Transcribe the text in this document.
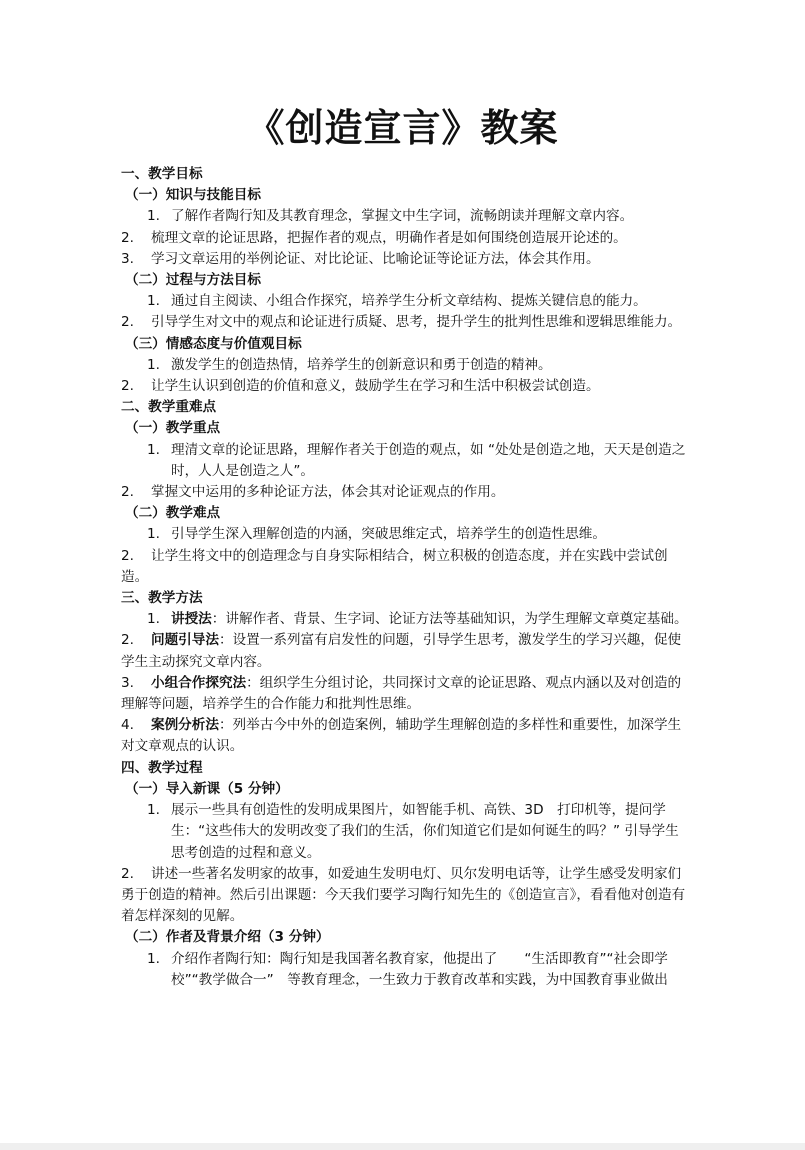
《创造宣言》教案

一、教学目标

（一）知识与技能目标

1. 了解作者陶行知及其教育理念，掌握文中生字词，流畅朗读并理解文章内容。

2. 梳理文章的论证思路，把握作者的观点，明确作者是如何围绕创造展开论述的。

3. 学习文章运用的举例论证、对比论证、比喻论证等论证方法，体会其作用。

（二）过程与方法目标

1. 通过自主阅读、小组合作探究，培养学生分析文章结构、提炼关键信息的能力。

2. 引导学生对文中的观点和论证进行质疑、思考，提升学生的批判性思维和逻辑思维能力。

（三）情感态度与价值观目标

1. 激发学生的创造热情，培养学生的创新意识和勇于创造的精神。

2. 让学生认识到创造的价值和意义，鼓励学生在学习和生活中积极尝试创造。

二、教学重难点

（一）教学重点

1. 理清文章的论证思路，理解作者关于创造的观点，如 “处处是创造之地，天天是创造之时，人人是创造之人”。

2. 掌握文中运用的多种论证方法，体会其对论证观点的作用。

（二）教学难点

1. 引导学生深入理解创造的内涵，突破思维定式，培养学生的创造性思维。

2. 让学生将文中的创造理念与自身实际相结合，树立积极的创造态度，并在实践中尝试创造。

三、教学方法

1. 讲授法：讲解作者、背景、生字词、论证方法等基础知识，为学生理解文章奠定基础。

2. 问题引导法：设置一系列富有启发性的问题，引导学生思考，激发学生的学习兴趣，促使学生主动探究文章内容。

3. 小组合作探究法：组织学生分组讨论，共同探讨文章的论证思路、观点内涵以及对创造的理解等问题，培养学生的合作能力和批判性思维。

4. 案例分析法：列举古今中外的创造案例，辅助学生理解创造的多样性和重要性，加深学生对文章观点的认识。

四、教学过程

（一）导入新课（5 分钟）

1. 展示一些具有创造性的发明成果图片，如智能手机、高铁、3D　打印机等，提问学生：“这些伟大的发明改变了我们的生活，你们知道它们是如何诞生的吗？” 引导学生思考创造的过程和意义。

2. 讲述一些著名发明家的故事，如爱迪生发明电灯、贝尔发明电话等，让学生感受发明家们勇于创造的精神。然后引出课题：今天我们要学习陶行知先生的《创造宣言》，看看他对创造有着怎样深刻的见解。

（二）作者及背景介绍（3 分钟）

1. 介绍作者陶行知：陶行知是我国著名教育家，他提出了　　“生活即教育”“社会即学校”“教学做合一”　等教育理念，一生致力于教育改革和实践，为中国教育事业做出
